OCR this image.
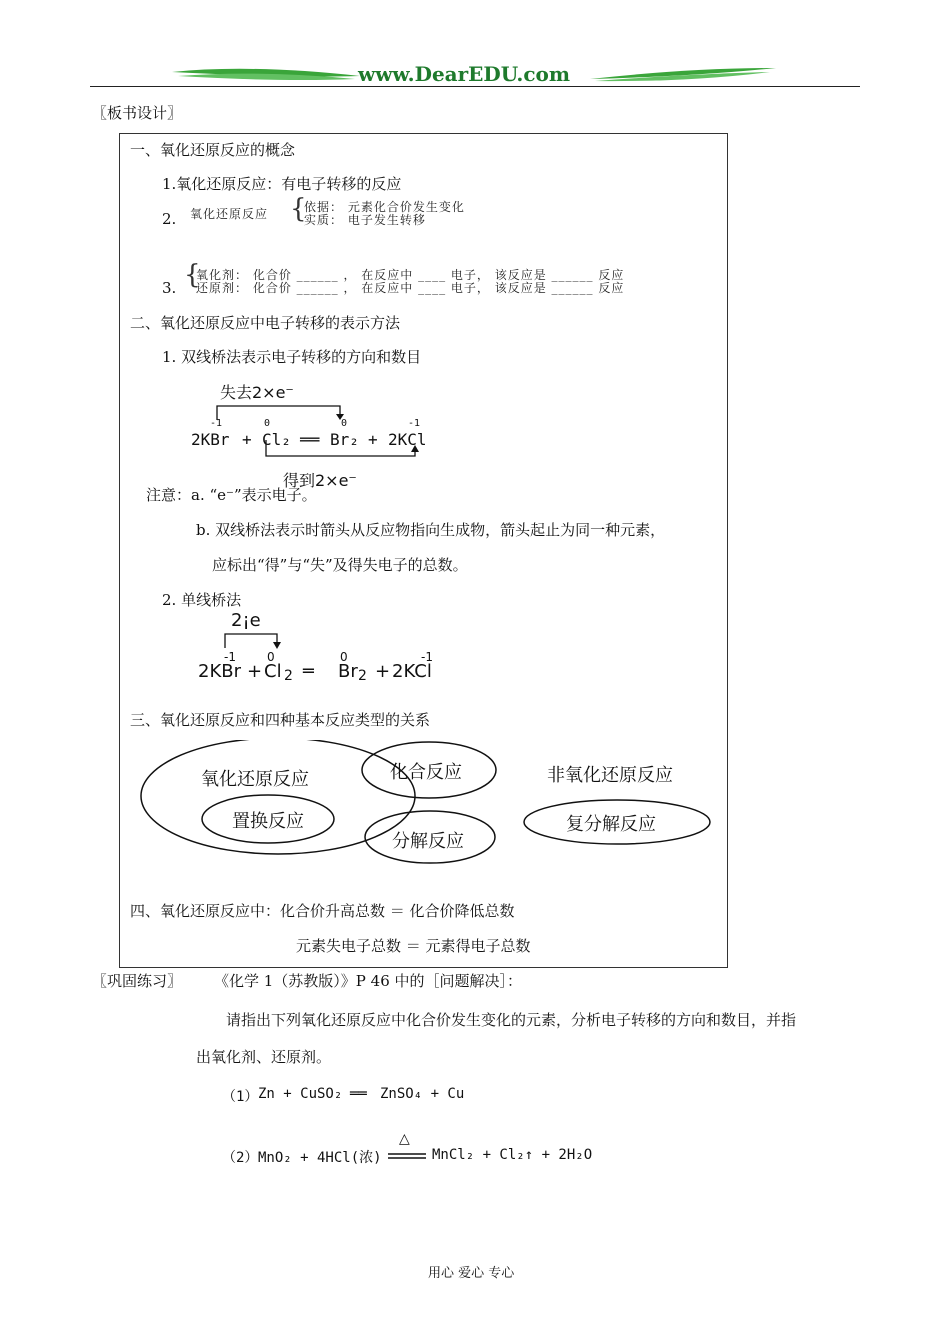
www.DearEDU.com
〖板书设计〗
一、氧化还原反应的概念
1.氧化还原反应：有电子转移的反应
2. 氧化还原反应 {
依据： 元素化合价发生变化
实质： 电子发生转移
3. {
氧化剂： 化合价 ______ ， 在反应中 ____ 电子， 该反应是 ______ 反应
还原剂： 化合价 ______ ， 在反应中 ____ 电子， 该反应是 ______ 反应
二、氧化还原反应中电子转移的表示方法
1. 双线桥法表示电子转移的方向和数目
失去2×e⁻
-1	0	0	-1
2KBr + Cl₂ ══ Br₂ + 2KCl
得到2×e⁻
注意：a. “e⁻”表示电子。
b. 双线桥法表示时箭头从反应物指向生成物，箭头起止为同一种元素，
应标出“得”与“失”及得失电子的总数。
2. 单线桥法
2¡e
-1	0	0	-1
2KBr + Cl 2 ═ Br 2 + 2KCl
三、氧化还原反应和四种基本反应类型的关系
氧化还原反应	化合反应
置换反应
分解反应
非氧化还原反应
复分解反应
四、氧化还原反应中：化合价升高总数 ＝ 化合价降低总数
元素失电子总数 ＝ 元素得电子总数
〖巩固练习〗 《化学 1（苏教版）》P 46 中的［问题解决］：
请指出下列氧化还原反应中化合价发生变化的元素，分析电子转移的方向和数目，并指
出氧化剂、还原剂。
（1） Zn + CuSO₂ ══ ZnSO₄ + Cu
（2） MnO₂ + 4HCl(浓)
△
MnCl₂ + Cl₂↑ + 2H₂O
用心 爱心 专心
